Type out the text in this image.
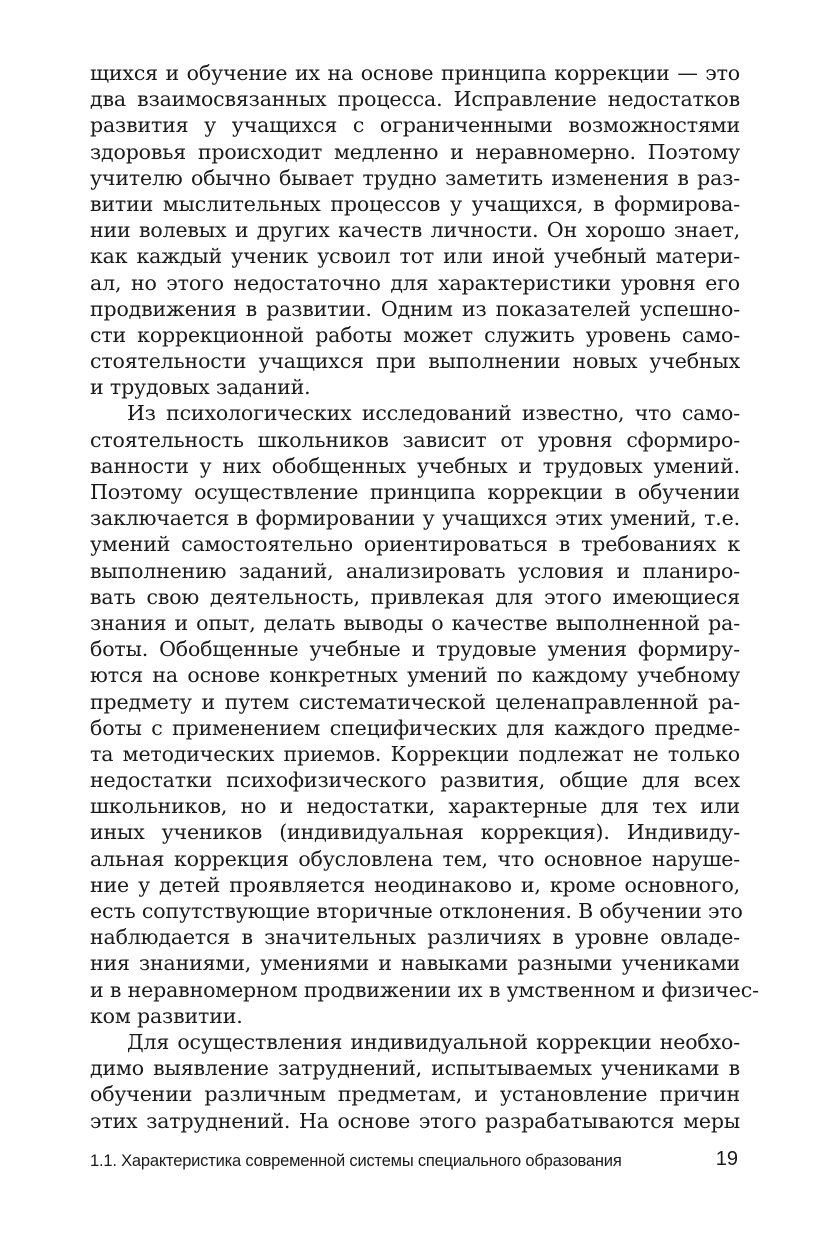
щихся и обучение их на основе принципа коррекции — это
два взаимосвязанных процесса. Исправление недостатков
развития у учащихся с ограниченными возможностями
здоровья происходит медленно и неравномерно. Поэтому
учителю обычно бывает трудно заметить изменения в раз-
витии мыслительных процессов у учащихся, в формирова-
нии волевых и других качеств личности. Он хорошо знает,
как каждый ученик усвоил тот или иной учебный матери-
ал, но этого недостаточно для характеристики уровня его
продвижения в развитии. Одним из показателей успешно-
сти коррекционной работы может служить уровень само-
стоятельности учащихся при выполнении новых учебных
и трудовых заданий.
Из психологических исследований известно, что само-
стоятельность школьников зависит от уровня сформиро-
ванности у них обобщенных учебных и трудовых умений.
Поэтому осуществление принципа коррекции в обучении
заключается в формировании у учащихся этих умений, т.е.
умений самостоятельно ориентироваться в требованиях к
выполнению заданий, анализировать условия и планиро-
вать свою деятельность, привлекая для этого имеющиеся
знания и опыт, делать выводы о качестве выполненной ра-
боты. Обобщенные учебные и трудовые умения формиру-
ются на основе конкретных умений по каждому учебному
предмету и путем систематической целенаправленной ра-
боты с применением специфических для каждого предме-
та методических приемов. Коррекции подлежат не только
недостатки психофизического развития, общие для всех
школьников, но и недостатки, характерные для тех или
иных учеников (индивидуальная коррекция). Индивиду-
альная коррекция обусловлена тем, что основное наруше-
ние у детей проявляется неодинаково и, кроме основного,
есть сопутствующие вторичные отклонения. В обучении это
наблюдается в значительных различиях в уровне овладе-
ния знаниями, умениями и навыками разными учениками
и в неравномерном продвижении их в умственном и физичес-
ком развитии.
Для осуществления индивидуальной коррекции необхо-
димо выявление затруднений, испытываемых учениками в
обучении различным предметам, и установление причин
этих затруднений. На основе этого разрабатываются меры
1.1. Характеристика современной системы специального образования	19
